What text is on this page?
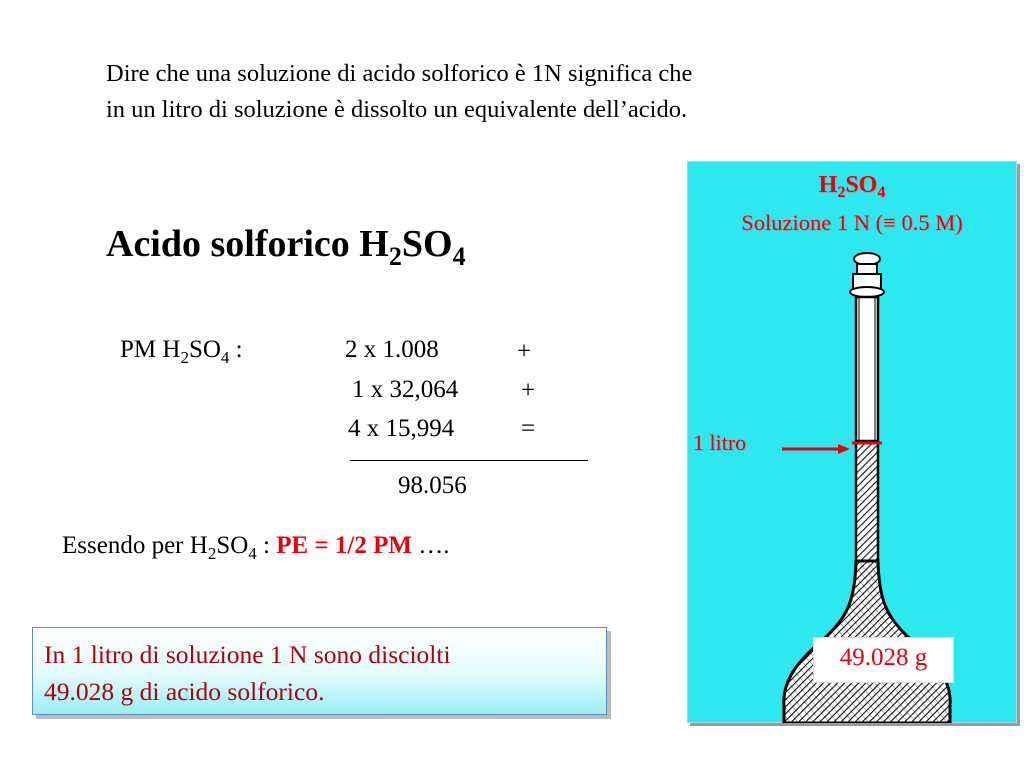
Dire che una soluzione di acido solforico è 1N significa che
in un litro di soluzione è dissolto un equivalente dell’acido.
Acido solforico $H_2SO_4$
PM $H_2SO_4$ :	2 x 1.008	+
1 x 32,064	+
4 x 15,994	=
98.056
Essendo per $H_2SO_4$ : PE = 1/2 PM ….
In 1 litro di soluzione 1 N sono disciolti
49.028 g di acido solforico.
$H_2SO_4$
Soluzione 1 N (≡ 0.5 M)
1 litro
49.028 g
